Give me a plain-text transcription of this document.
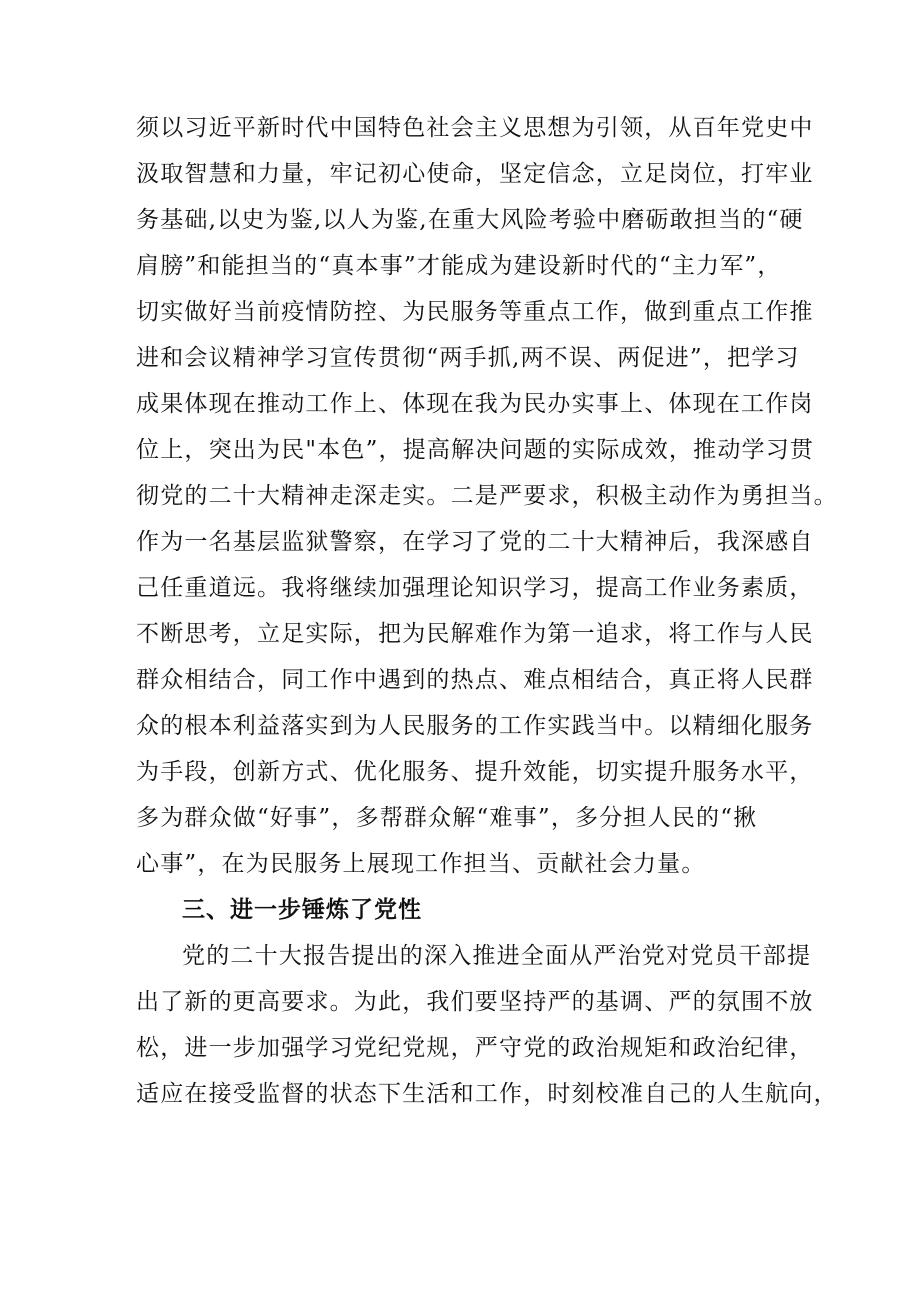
须以习近平新时代中国特色社会主义思想为引领，从百年党史中
汲取智慧和力量，牢记初心使命，坚定信念，立足岗位，打牢业
务基础,以史为鉴,以人为鉴,在重大风险考验中磨砺敢担当的“硬
肩膀”和能担当的“真本事”才能成为建设新时代的“主力军”，
切实做好当前疫情防控、为民服务等重点工作，做到重点工作推
进和会议精神学习宣传贯彻“两手抓,两不误、两促进”，把学习
成果体现在推动工作上、体现在我为民办实事上、体现在工作岗
位上，突出为民"本色”，提高解决问题的实际成效，推动学习贯
彻党的二十大精神走深走实。二是严要求，积极主动作为勇担当。
作为一名基层监狱警察，在学习了党的二十大精神后，我深感自
己任重道远。我将继续加强理论知识学习，提高工作业务素质，
不断思考，立足实际，把为民解难作为第一追求，将工作与人民
群众相结合，同工作中遇到的热点、难点相结合，真正将人民群
众的根本利益落实到为人民服务的工作实践当中。以精细化服务
为手段，创新方式、优化服务、提升效能，切实提升服务水平，
多为群众做“好事”，多帮群众解“难事”，多分担人民的“揪
心事”，在为民服务上展现工作担当、贡献社会力量。
三、进一步锤炼了党性
党的二十大报告提出的深入推进全面从严治党对党员干部提
出了新的更高要求。为此，我们要坚持严的基调、严的氛围不放
松，进一步加强学习党纪党规，严守党的政治规矩和政治纪律，
适应在接受监督的状态下生活和工作，时刻校准自己的人生航向，
